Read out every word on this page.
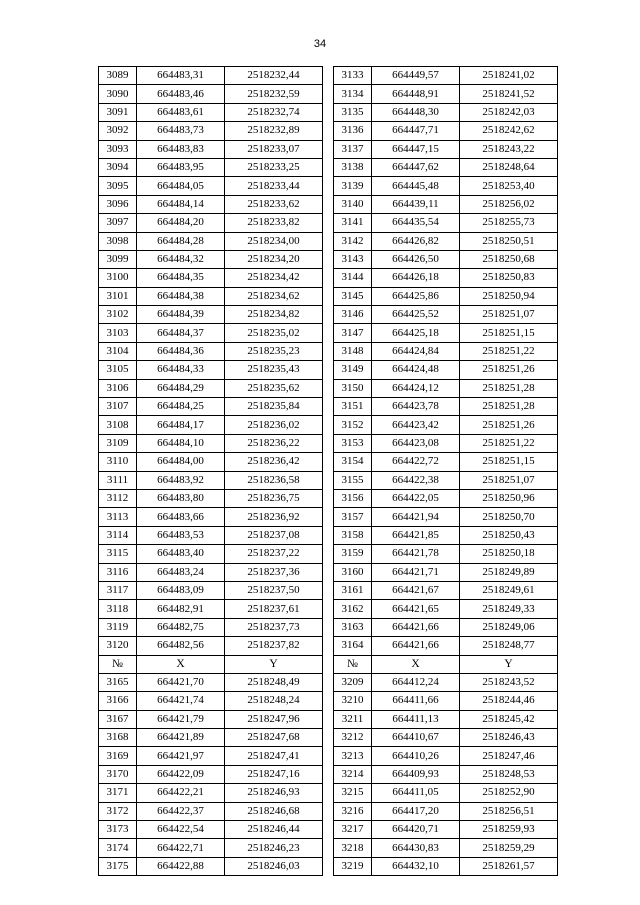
34
3089	664483,31	2518232,44		3133	664449,57	2518241,02
3090	664483,46	2518232,59		3134	664448,91	2518241,52
3091	664483,61	2518232,74		3135	664448,30	2518242,03
3092	664483,73	2518232,89		3136	664447,71	2518242,62
3093	664483,83	2518233,07		3137	664447,15	2518243,22
3094	664483,95	2518233,25		3138	664447,62	2518248,64
3095	664484,05	2518233,44		3139	664445,48	2518253,40
3096	664484,14	2518233,62		3140	664439,11	2518256,02
3097	664484,20	2518233,82		3141	664435,54	2518255,73
3098	664484,28	2518234,00		3142	664426,82	2518250,51
3099	664484,32	2518234,20		3143	664426,50	2518250,68
3100	664484,35	2518234,42		3144	664426,18	2518250,83
3101	664484,38	2518234,62		3145	664425,86	2518250,94
3102	664484,39	2518234,82		3146	664425,52	2518251,07
3103	664484,37	2518235,02		3147	664425,18	2518251,15
3104	664484,36	2518235,23		3148	664424,84	2518251,22
3105	664484,33	2518235,43		3149	664424,48	2518251,26
3106	664484,29	2518235,62		3150	664424,12	2518251,28
3107	664484,25	2518235,84		3151	664423,78	2518251,28
3108	664484,17	2518236,02		3152	664423,42	2518251,26
3109	664484,10	2518236,22		3153	664423,08	2518251,22
3110	664484,00	2518236,42		3154	664422,72	2518251,15
3111	664483,92	2518236,58		3155	664422,38	2518251,07
3112	664483,80	2518236,75		3156	664422,05	2518250,96
3113	664483,66	2518236,92		3157	664421,94	2518250,70
3114	664483,53	2518237,08		3158	664421,85	2518250,43
3115	664483,40	2518237,22		3159	664421,78	2518250,18
3116	664483,24	2518237,36		3160	664421,71	2518249,89
3117	664483,09	2518237,50		3161	664421,67	2518249,61
3118	664482,91	2518237,61		3162	664421,65	2518249,33
3119	664482,75	2518237,73		3163	664421,66	2518249,06
3120	664482,56	2518237,82		3164	664421,66	2518248,77
№	X	Y		№	X	Y
3165	664421,70	2518248,49		3209	664412,24	2518243,52
3166	664421,74	2518248,24		3210	664411,66	2518244,46
3167	664421,79	2518247,96		3211	664411,13	2518245,42
3168	664421,89	2518247,68		3212	664410,67	2518246,43
3169	664421,97	2518247,41		3213	664410,26	2518247,46
3170	664422,09	2518247,16		3214	664409,93	2518248,53
3171	664422,21	2518246,93		3215	664411,05	2518252,90
3172	664422,37	2518246,68		3216	664417,20	2518256,51
3173	664422,54	2518246,44		3217	664420,71	2518259,93
3174	664422,71	2518246,23		3218	664430,83	2518259,29
3175	664422,88	2518246,03		3219	664432,10	2518261,57
